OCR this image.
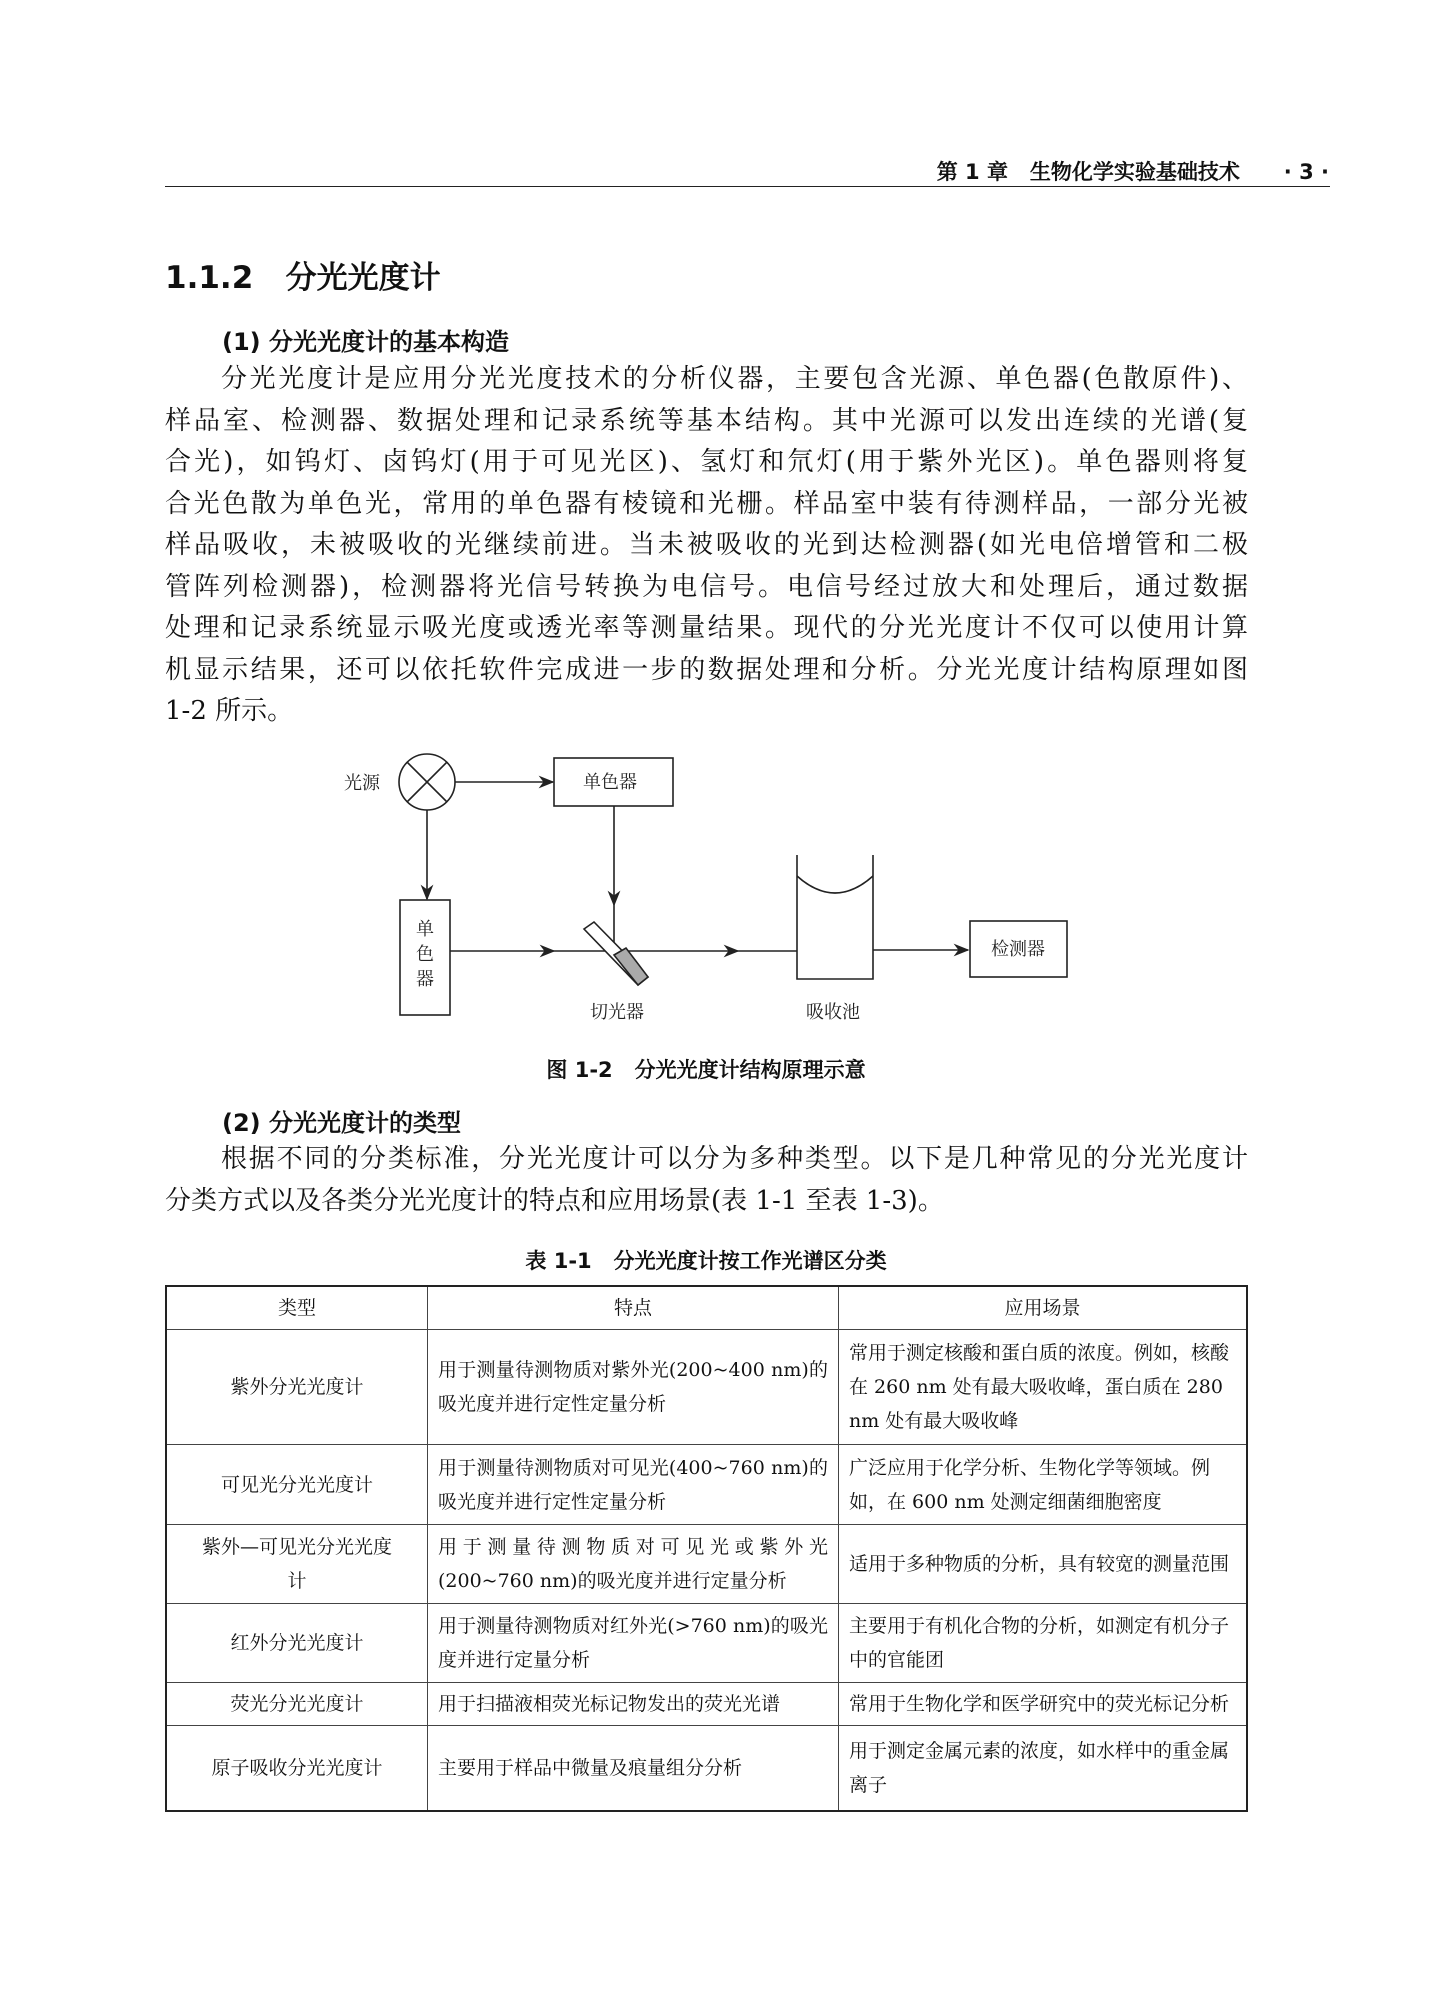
第 1 章   生物化学实验基础技术 · 3 ·
1.1.2 分光光度计
(1) 分光光度计的基本构造
分光光度计是应用分光光度技术的分析仪器，主要包含光源、单色器(色散原件)、
样品室、检测器、数据处理和记录系统等基本结构。其中光源可以发出连续的光谱(复
合光)，如钨灯、卤钨灯(用于可见光区)、氢灯和氘灯(用于紫外光区)。单色器则将复
合光色散为单色光，常用的单色器有棱镜和光栅。样品室中装有待测样品，一部分光被
样品吸收，未被吸收的光继续前进。当未被吸收的光到达检测器(如光电倍增管和二极
管阵列检测器)，检测器将光信号转换为电信号。电信号经过放大和处理后，通过数据
处理和记录系统显示吸光度或透光率等测量结果。现代的分光光度计不仅可以使用计算
机显示结果，还可以依托软件完成进一步的数据处理和分析。分光光度计结构原理如图
1-2 所示。
光源	单色器
单
色
器
切光器	吸收池
检测器
图 1-2   分光光度计结构原理示意
(2) 分光光度计的类型
根据不同的分类标准，分光光度计可以分为多种类型。以下是几种常见的分光光度计
分类方式以及各类分光光度计的特点和应用场景(表 1-1 至表 1-3)。
表 1-1   分光光度计按工作光谱区分类
类型	特点	应用场景
紫外分光光度计	用于测量待测物质对紫外光(200~400 nm)的吸光度并进行定性定量分析	常用于测定核酸和蛋白质的浓度。例如，核酸在 260 nm 处有最大吸收峰，蛋白质在 280 nm 处有最大吸收峰
可见光分光光度计	用于测量待测物质对可见光(400~760 nm)的吸光度并进行定性定量分析	广泛应用于化学分析、生物化学等领域。例如，在 600 nm 处测定细菌细胞密度
紫外—可见光分光光度计	用于测量待测物质对可见光或紫外光(200~760 nm)的吸光度并进行定量分析	适用于多种物质的分析，具有较宽的测量范围
红外分光光度计	用于测量待测物质对红外光(>760 nm)的吸光度并进行定量分析	主要用于有机化合物的分析，如测定有机分子中的官能团
荧光分光光度计	用于扫描液相荧光标记物发出的荧光光谱	常用于生物化学和医学研究中的荧光标记分析
原子吸收分光光度计	主要用于样品中微量及痕量组分分析	用于测定金属元素的浓度，如水样中的重金属离子
